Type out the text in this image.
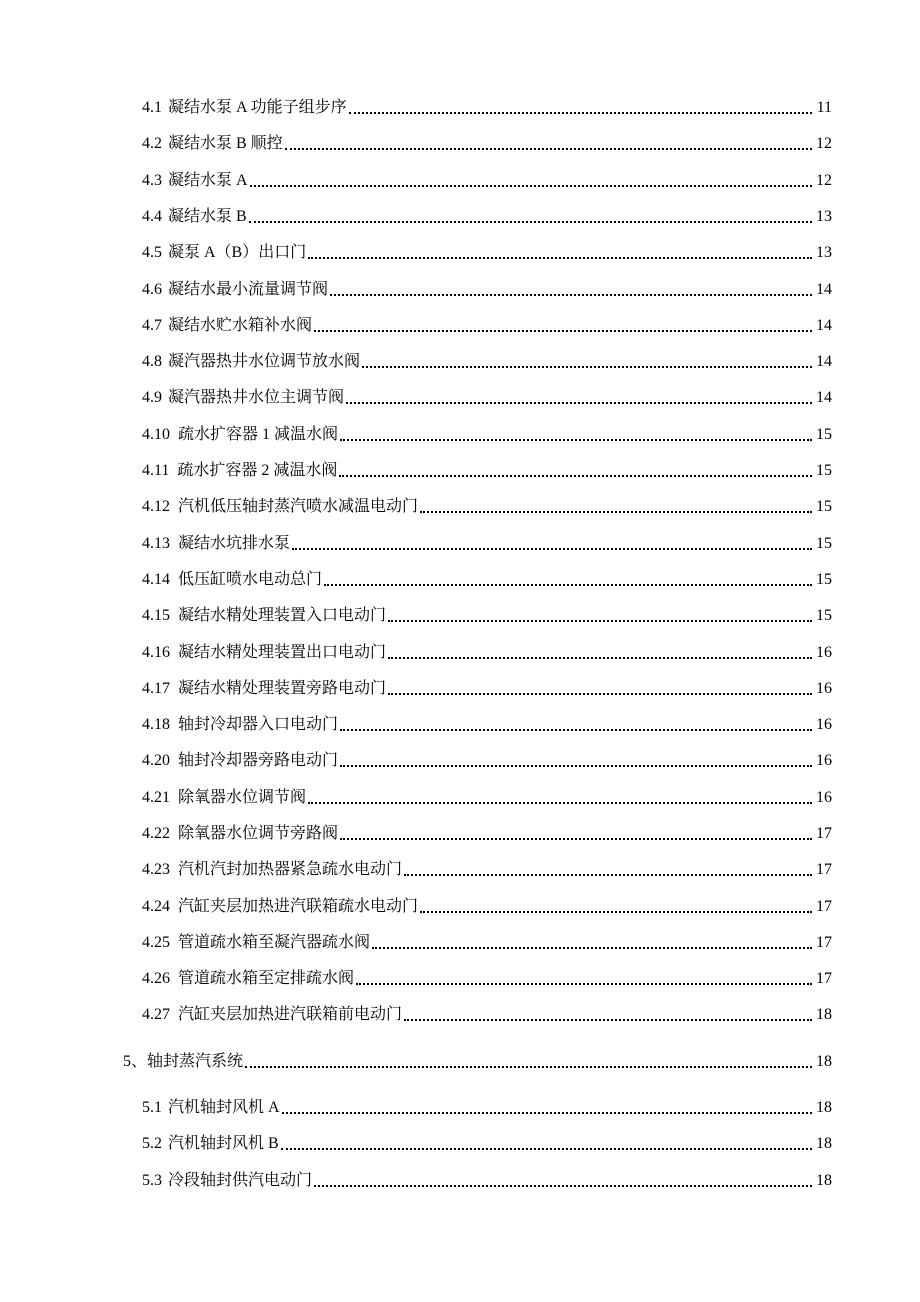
4.1 凝结水泵 A 功能子组步序	11
4.2 凝结水泵 B 顺控	12
4.3 凝结水泵 A	12
4.4 凝结水泵 B	13
4.5 凝泵 A（B）出口门	13
4.6 凝结水最小流量调节阀	14
4.7 凝结水贮水箱补水阀	14
4.8 凝汽器热井水位调节放水阀	14
4.9 凝汽器热井水位主调节阀	14
4.10 疏水扩容器 1 减温水阀	15
4.11 疏水扩容器 2 减温水阀	15
4.12 汽机低压轴封蒸汽喷水减温电动门	15
4.13 凝结水坑排水泵	15
4.14 低压缸喷水电动总门	15
4.15 凝结水精处理装置入口电动门	15
4.16 凝结水精处理装置出口电动门	16
4.17 凝结水精处理装置旁路电动门	16
4.18 轴封冷却器入口电动门	16
4.20 轴封冷却器旁路电动门	16
4.21 除氧器水位调节阀	16
4.22 除氧器水位调节旁路阀	17
4.23 汽机汽封加热器紧急疏水电动门	17
4.24 汽缸夹层加热进汽联箱疏水电动门	17
4.25 管道疏水箱至凝汽器疏水阀	17
4.26 管道疏水箱至定排疏水阀	17
4.27 汽缸夹层加热进汽联箱前电动门	18
5、 轴封蒸汽系统	18
5.1 汽机轴封风机 A	18
5.2 汽机轴封风机 B	18
5.3 冷段轴封供汽电动门	18
